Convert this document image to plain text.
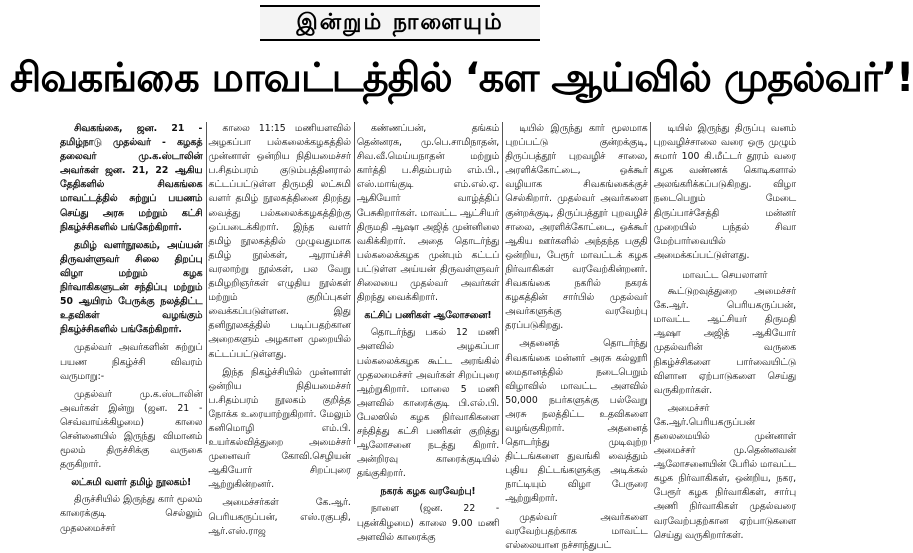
இன்றும் நாளையும்
சிவகங்கை மாவட்டத்தில் ‘கள ஆய்வில் முதல்வர்’!

சிவகங்கை, ஜன. 21 - தமிழ்நாடு முதல்வர் - கழகத் தலைவர் மு.க.ஸ்டாலின் அவர்கள் ஜன. 21, 22 ஆகிய தேதிகளில் சிவகங்கை மாவட்டத்தில் சுற்றுப் பயணம் செய்து அரசு மற்றும் கட்சி நிகழ்ச்சிகளில் பங்கேற்கிறார்.

தமிழ் வளர்நூலகம், அய்யன் திருவள்ளுவர் சிலை திறப்பு விழா மற்றும் கழக நிர்வாகிகளுடன் சந்திப்பு மற்றும் 50 ஆயிரம் பேருக்கு நலத்திட்ட உதவிகள் வழங்கும் நிகழ்ச்சிகளில் பங்கேற்கிறார்.

முதல்வர் அவர்களின் சுற்றுப் பயண நிகழ்ச்சி விவரம் வருமாறு:-

முதல்வர் மு.க.ஸ்டாலின் அவர்கள் இன்று (ஜன. 21 - செவ்வாய்க்கிழமை) காலை சென்னையில் இருந்து விமானம் மூலம் திருச்சிக்கு வருகை தருகிறார்.

லட்சுமி வளர் தமிழ் நூலகம்!

திருச்சியில் இருந்து கார் மூலம் காரைக்குடி செல்லும் முதலமைச்சர்

காலை 11:15 மணியளவில் அழகப்பா பல்கலைக்கழகத்தில் முன்னாள் ஒன்றிய நிதியமைச்சர் ப.சிதம்பரம் குடும்பத்தினரால் கட்டப்பட்டுள்ள திருமதி லட்சுமி வளர் தமிழ் நூலகத்தினை திறந்து வைத்து பல்கலைக்கழகத்திற்கு ஒப்படைக்கிறார். இந்த வளர் தமிழ் நூலகத்தில் முழுவதுமாக தமிழ் நூல்கள், ஆராய்ச்சி வரலாற்று நூல்கள், பல வேறு தமிழறிஞர்கள் எழுதிய நூல்கள் மற்றும் குறிப்புகள் வைக்கப்படுள்ளன. இது தனிநூலகத்தில் படிப்பதற்கான அறைகளும் அழகான முறையில் கட்டப்பட்டுள்ளது.

இந்த நிகழ்ச்சியில் முன்னாள் ஒன்றிய நிதியமைச்சர் ப.சிதம்பரம் நூலகம் குறித்த நோக்க உரையாற்றுகிறார். மேலும் கனிமொழி எம்.பி. உயர்கல்வித்துறை அமைச்சர் முனைவர் கோவி.செழியன் ஆகியோர் சிறப்புரை ஆற்றுகின்றனர்.

அமைச்சர்கள் கே.ஆர். பெரியகருப்பன், எஸ்.ரகுபதி, ஆர்.எஸ்.ராஜ

கண்ணப்பன், தங்கம் தென்னரசு, மு.பெ.சாமிநாதன், சிவ.வீ.மெய்யநாதன் மற்றும் கார்த்தி ப.சிதம்பரம் எம்.பி., எஸ்.மாங்குடி எம்.எல்.ஏ. ஆகியோர் வாழ்த்திப் பேசுகிறார்கள். மாவட்ட ஆட்சியர் திருமதி ஆஷா அஜித் முன்னிலை வகிக்கிறார். அதை தொடர்ந்து பல்கலைக்கழக முன்பும் கட்டப் பட்டுள்ள அய்யன் திருவள்ளுவர் சிலையை முதல்வர் அவர்கள் திறந்து வைக்கிறார்.

கட்சிப் பணிகள் ஆலோசனை!

தொடர்ந்து பகல் 12 மணி அளவில் அழகப்பா பல்கலைக்கழக கூட்ட அரங்கில் முதலமைச்சர் அவர்கள் சிறப்புரை ஆற்றுகிறார். மாலை 5 மணி அளவில் காரைக்குடி பி.எல்.பி. பேலஸில் கழக நிர்வாகிகளை சந்தித்து கட்சி பணிகள் குறித்து ஆலோசனை நடத்து கிறார். அன்றிரவு காரைக்குடியில் தங்குகிறார்.

நகரக் கழக வரவேற்பு!

நாளை (ஜன. 22 - புதன்கிழமை) காலை 9.00 மணி அளவில் காரைக்கு

டியில் இருந்து கார் மூலமாக புறப்பட்டு குன்றக்குடி, திருப்பத்தூர் புறவழிச் சாலை, அரளிக்கோட்டை, ஒக்கூர் வழியாக சிவகங்கைக்குச் செல்கிறார். முதல்வர் அவர்களை குன்றக்குடி, திருப்பத்தூர் புறவழிச் சாலை, அரளிக்கோட்டை, ஒக்கூர் ஆகிய ஊர்களில் அந்தந்த பகுதி ஒன்றிய, பேரூர் மாவட்டக் கழக நிர்வாகிகள் வரவேற்கின்றனர். சிவகங்கை நகரில் நகரக் கழகத்தின் சார்பில் முதல்வர் அவர்களுக்கு வரவேற்பு தரப்படுகிறது.

அதனைத் தொடர்ந்து சிவகங்கை மன்னர் அரசு கல்லூரி மைதானத்தில் நடைபெறும் விழாவில் மாவட்ட அளவில் 50,000 நபர்களுக்கு பல்வேறு அரசு நலத்திட்ட உதவிகளை வழங்குகிறார். அதனைத் தொடர்ந்து முடிவுற்ற திட்டங்களை துவங்கி வைத்தும் புதிய திட்டங்களுக்கு அடிக்கல் நாட்டியும் விழா பேருரை ஆற்றுகிறார்.

முதல்வர் அவர்களை வரவேற்பதற்காக மாவட்ட எல்லையான நச்சாந்துபட்

டியில் இருந்து திருப்பு வனம் புறவழிச்சாலை வரை ஒரு முழும் சுமார் 100 கி.மீட்டர் தூரம் வரை கழக வண்ணக் கொடிகளால் அலங்கரிக்கப்படுகிறது. விழா நடைபெறும் மேடை திருப்பாச்சேத்தி மன்னர் முறையில் பந்தல் சிவா மேற்பார்வையில் அமைக்கப்பட்டுள்ளது.

மாவட்ட செயலாளர்

கூட்டுறவுத்துறை அமைச்சர் கே.ஆர். பெரியகருப்பன், மாவட்ட ஆட்சியர் திருமதி ஆஷா அஜித் ஆகியோர் முதல்வரின் வருகை நிகழ்ச்சிகளை பார்வையிட்டு விளான ஏற்பாடுகளை செய்து வருகிறார்கள்.

அமைச்சர் கே.ஆர்.பெரியகருப்பன் தலைமையில் முன்னாள் அமைச்சர் மு.தென்னவன் ஆலோசனையின் பேரில் மாவட்ட கழக நிர்வாகிகள், ஒன்றிய, நகர, பேரூர் கழக நிர்வாகிகள், சார்பு அணி நிர்வாகிகள் முதல்வரை வரவேற்பதற்கான ஏற்பாடுகளை செய்து வருகிறார்கள்.
